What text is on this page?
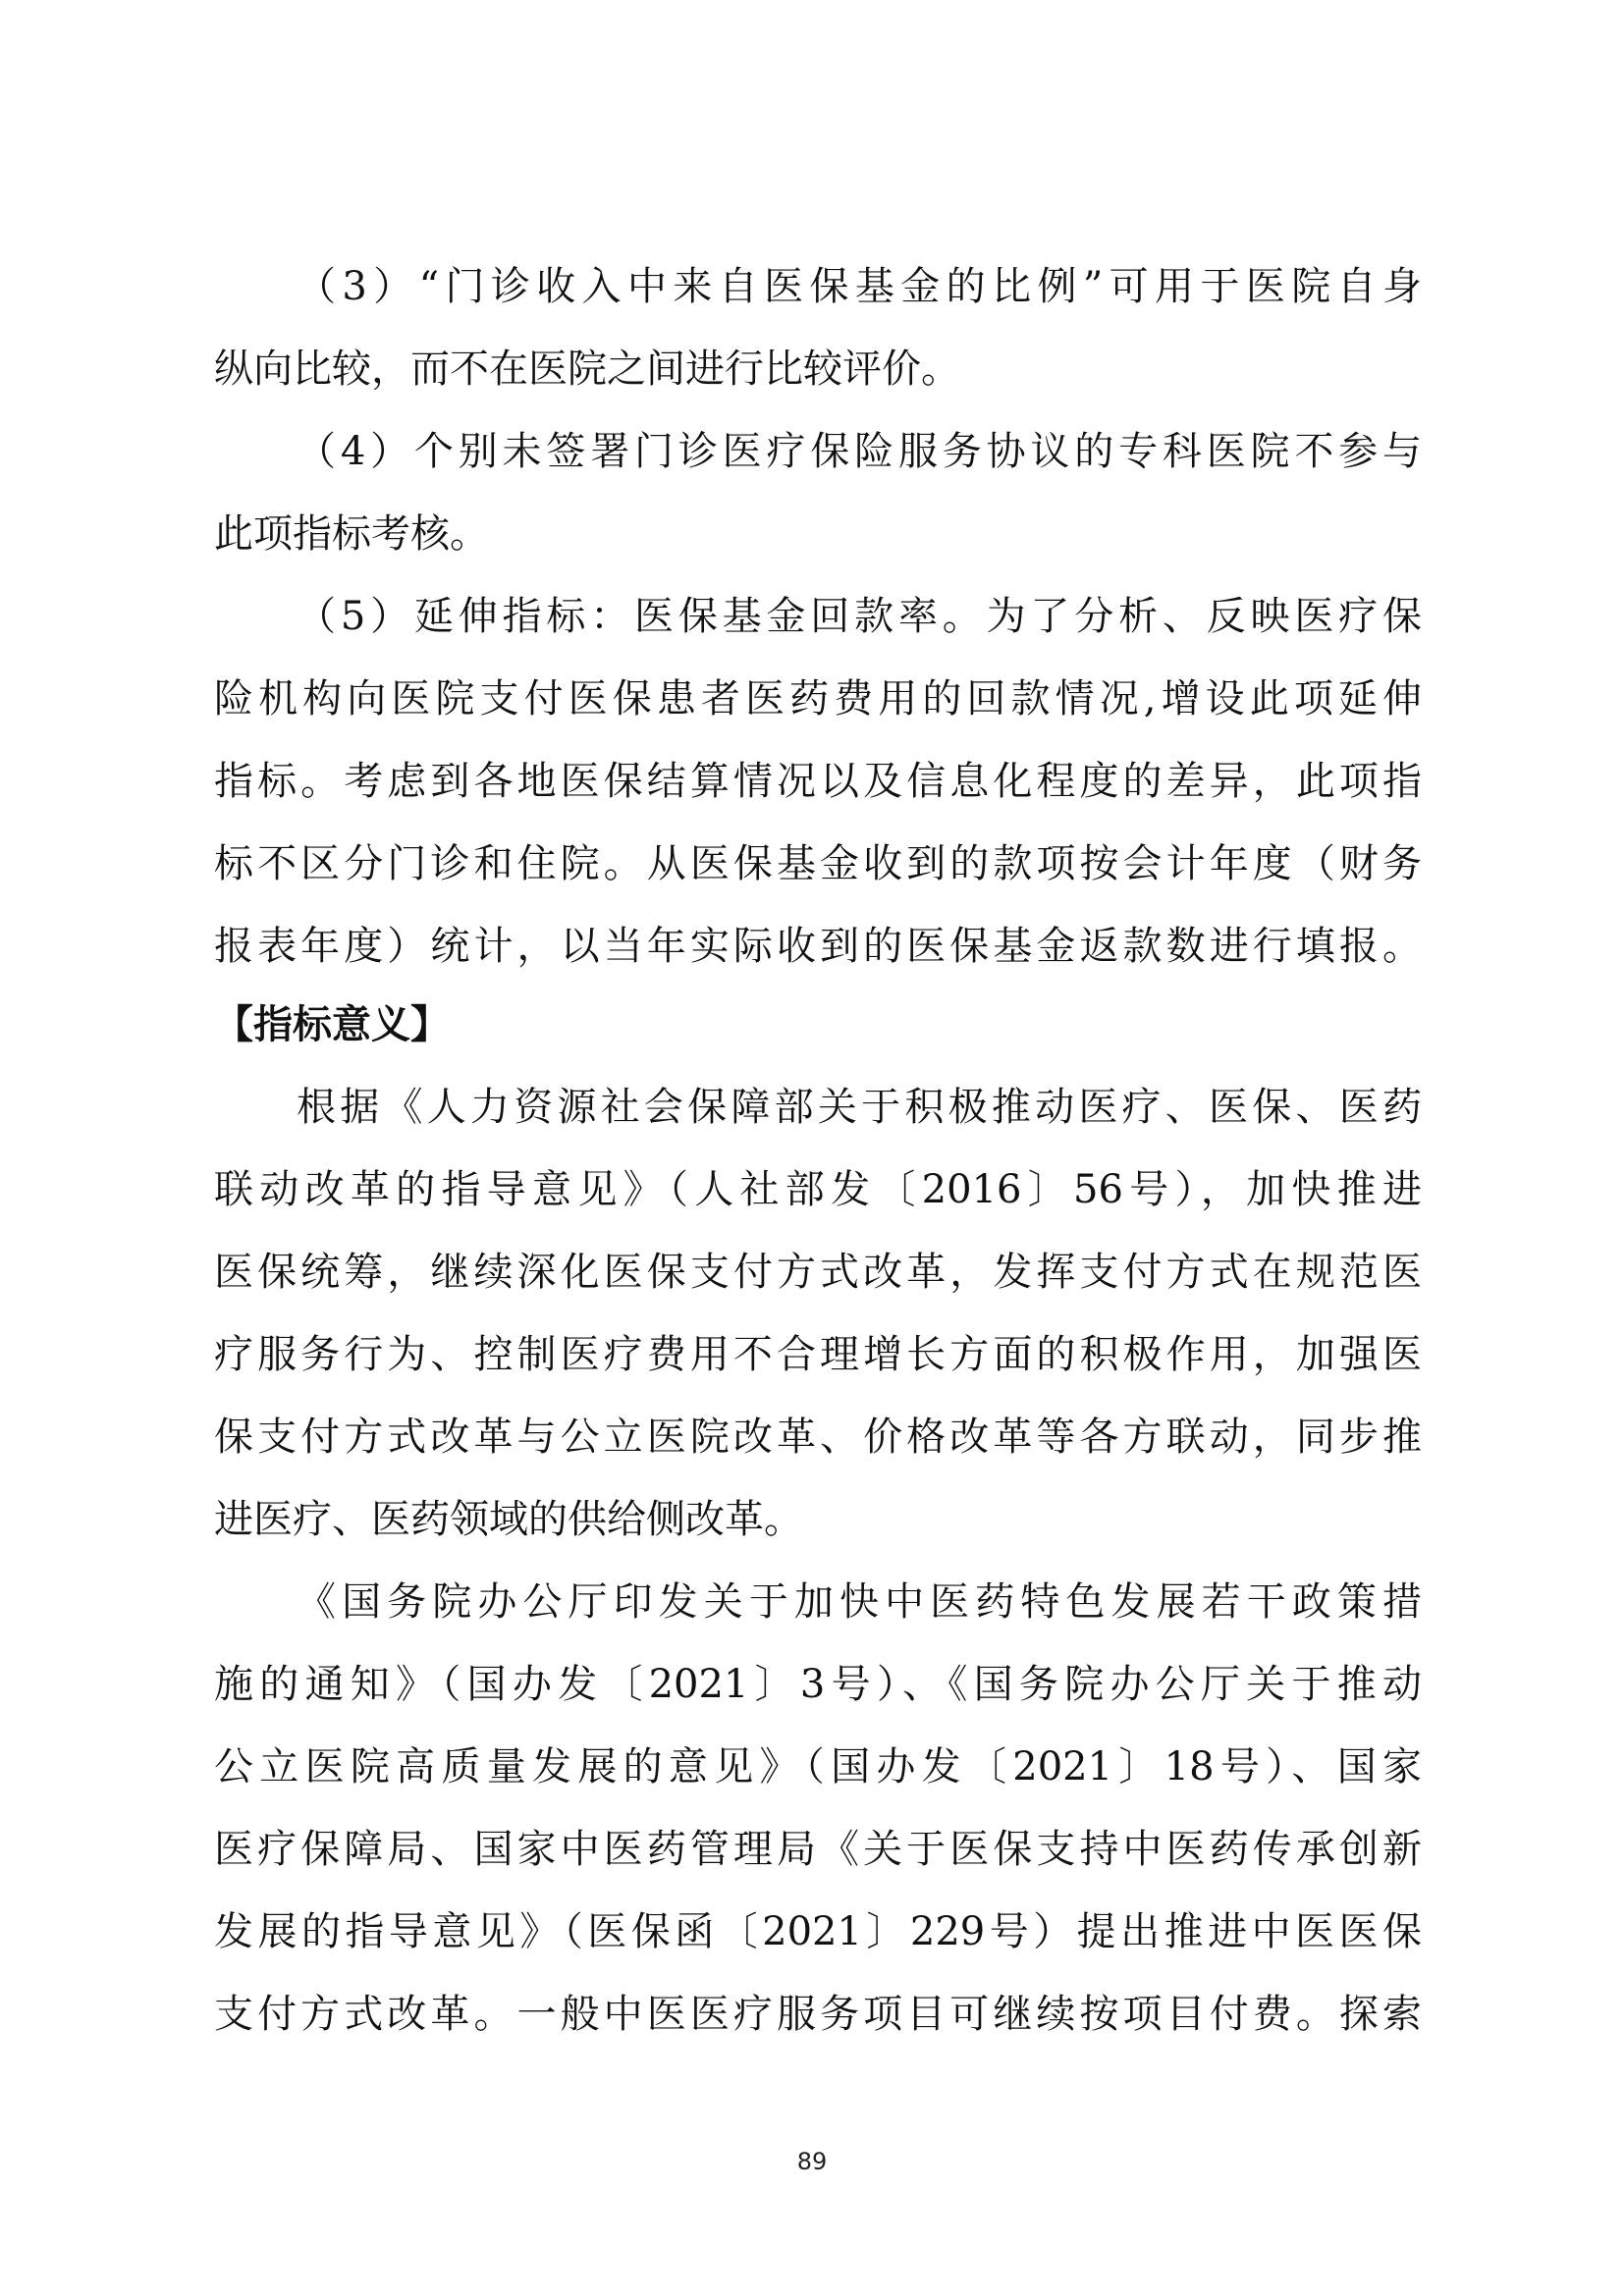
（3）“门诊收入中来自医保基金的比例”可用于医院自身
纵向比较，而不在医院之间进行比较评价。
（4）个别未签署门诊医疗保险服务协议的专科医院不参与
此项指标考核。
（5）延伸指标：医保基金回款率。为了分析、反映医疗保
险机构向医院支付医保患者医药费用的回款情况,增设此项延伸
指标。考虑到各地医保结算情况以及信息化程度的差异，此项指
标不区分门诊和住院。从医保基金收到的款项按会计年度（财务
报表年度）统计，以当年实际收到的医保基金返款数进行填报。
【指标意义】
根据《人力资源社会保障部关于积极推动医疗、医保、医药
联动改革的指导意见》（人社部发〔2016〕56号），加快推进
医保统筹，继续深化医保支付方式改革，发挥支付方式在规范医
疗服务行为、控制医疗费用不合理增长方面的积极作用，加强医
保支付方式改革与公立医院改革、价格改革等各方联动，同步推
进医疗、医药领域的供给侧改革。
《国务院办公厅印发关于加快中医药特色发展若干政策措
施的通知》（国办发〔2021〕3号）、《国务院办公厅关于推动
公立医院高质量发展的意见》（国办发〔2021〕18号）、国家
医疗保障局、国家中医药管理局《关于医保支持中医药传承创新
发展的指导意见》（医保函〔2021〕229号）提出推进中医医保
支付方式改革。一般中医医疗服务项目可继续按项目付费。探索
89
